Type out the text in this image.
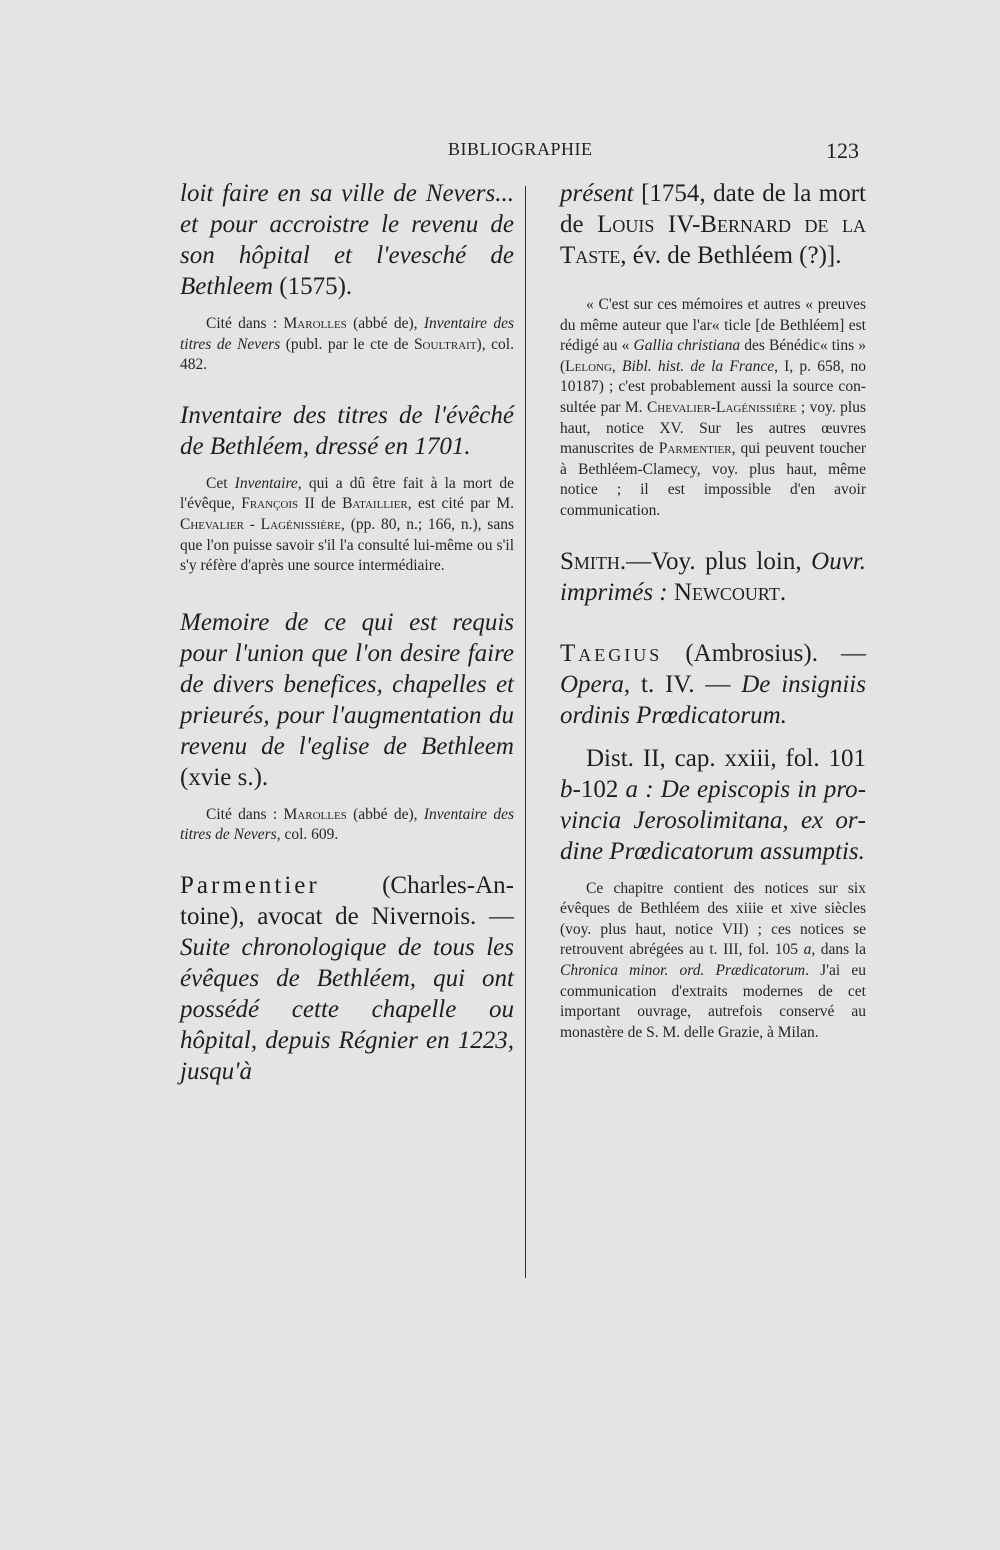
BIBLIOGRAPHIE	123

loit faire en sa ville de Nevers... et pour accroistre le revenu de son hôpital et l'evesché de Bethleem (1575).

Cité dans : Marolles (abbé de), Inventaire des titres de Nevers (publ. par le cte de Soultrait), col. 482.

Inventaire des titres de l'évêché de Bethléem, dressé en 1701.

Cet Inventaire, qui a dû être fait à la mort de l'évêque, François II de Bataillier, est cité par M. Chevalier - Lagénissière, (pp. 80, n.; 166, n.), sans que l'on puisse savoir s'il l'a consulté lui-même ou s'il s'y réfère d'après une source intermédiaire.

Memoire de ce qui est requis pour l'union que l'on desire faire de divers benefices, chapelles et prieurés, pour l'augmentation du revenu de l'eglise de Bethleem (xvie s.).

Cité dans : Marolles (abbé de), Inventaire des titres de Nevers, col. 609.

Parmentier (Charles-Antoine), avocat de Nivernois. — Suite chronologique de tous les évêques de Bethléem, qui ont possédé cette chapelle ou hôpital, depuis Régnier en 1223, jusqu'à

présent [1754, date de la mort de Louis IV-Bernard de la Taste, év. de Bethléem (?)].

« C'est sur ces mémoires et autres « preuves du même auteur que l'ar« ticle [de Bethléem] est rédigé au « Gallia christiana des Bénédic« tins » (Lelong, Bibl. hist. de la France, I, p. 658, no 10187) ; c'est probablement aussi la source consultée par M. Chevalier-Lagénissière ; voy. plus haut, notice XV. Sur les autres œuvres manuscrites de Parmentier, qui peuvent toucher à Bethléem-Clamecy, voy. plus haut, même notice ; il est impossible d'en avoir communication.

Smith.—Voy. plus loin, Ouvr. imprimés : Newcourt.

Taegius (Ambrosius). — Opera, t. IV. — De insigniis ordinis Prœdicatorum.

Dist. II, cap. xxiii, fol. 101 b-102 a : De episcopis in provincia Jerosolimitana, ex ordine Prœdicatorum assumptis.

Ce chapitre contient des notices sur six évêques de Bethléem des xiiie et xive siècles (voy. plus haut, notice VII) ; ces notices se retrouvent abrégées au t. III, fol. 105 a, dans la Chronica minor. ord. Prædicatorum. J'ai eu communication d'extraits modernes de cet important ouvrage, autrefois conservé au monastère de S. M. delle Grazie, à Milan.
